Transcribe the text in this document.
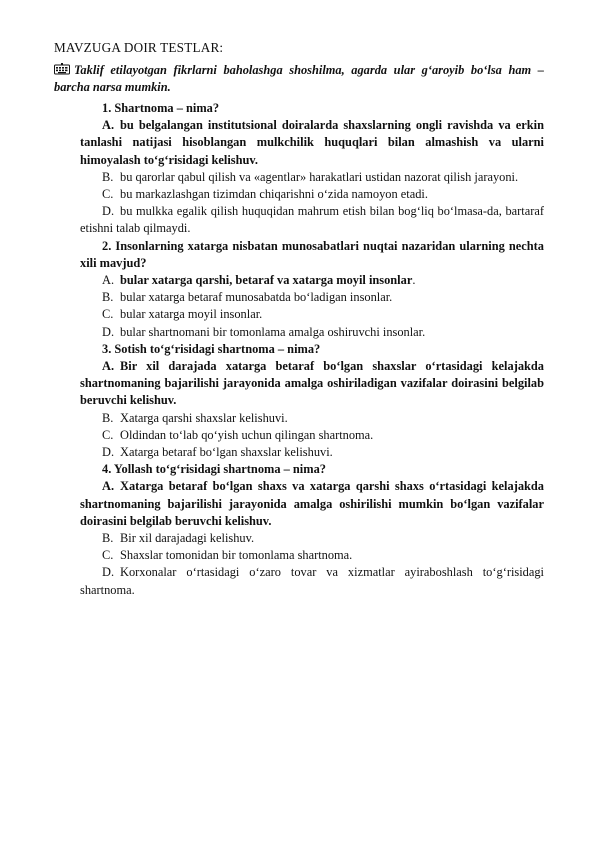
MAVZUGA DOIR TESTLAR:
Taklif etilayotgan fikrlarni baholashga shoshilma, agarda ular g‘aroyib bo‘lsa ham – barcha narsa mumkin.

1. Shartnoma – nima?

A. bu belgalangan institutsional doiralarda shaxslarning ongli ravishda va erkin tanlashi natijasi hisoblangan mulkchilik huquqlari bilan almashish va ularni himoyalash to‘g‘risidagi kelishuv.

B. bu qarorlar qabul qilish va «agentlar» harakatlari ustidan nazorat qilish jarayoni.

C. bu markazlashgan tizimdan chiqarishni o‘zida namoyon etadi.

D. bu mulkka egalik qilish huquqidan mahrum etish bilan bog‘liq bo‘lmasa-da, bartaraf etishni talab qilmaydi.

2. Insonlarning xatarga nisbatan munosabatlari nuqtai nazaridan ularning nechta xili mavjud?

A. bular xatarga qarshi, betaraf va xatarga moyil insonlar.

B. bular xatarga betaraf munosabatda bo‘ladigan insonlar.

C. bular xatarga moyil insonlar.

D. bular shartnomani bir tomonlama amalga oshiruvchi insonlar.

3. Sotish to‘g‘risidagi shartnoma – nima?

A. Bir xil darajada xatarga betaraf bo‘lgan shaxslar o‘rtasidagi kelajakda shartnomaning bajarilishi jarayonida amalga oshiriladigan vazifalar doirasini belgilab beruvchi kelishuv.

B. Xatarga qarshi shaxslar kelishuvi.

C. Oldindan to‘lab qo‘yish uchun qilingan shartnoma.

D. Xatarga betaraf bo‘lgan shaxslar kelishuvi.

4. Yollash to‘g‘risidagi shartnoma – nima?

A. Xatarga betaraf bo‘lgan shaxs va xatarga qarshi shaxs o‘rtasidagi kelajakda shartnomaning bajarilishi jarayonida amalga oshirilishi mumkin bo‘lgan vazifalar doirasini belgilab beruvchi kelishuv.

B. Bir xil darajadagi kelishuv.

C. Shaxslar tomonidan bir tomonlama shartnoma.

D. Korxonalar o‘rtasidagi o‘zaro tovar va xizmatlar ayiraboshlash to‘g‘risidagi shartnoma.
